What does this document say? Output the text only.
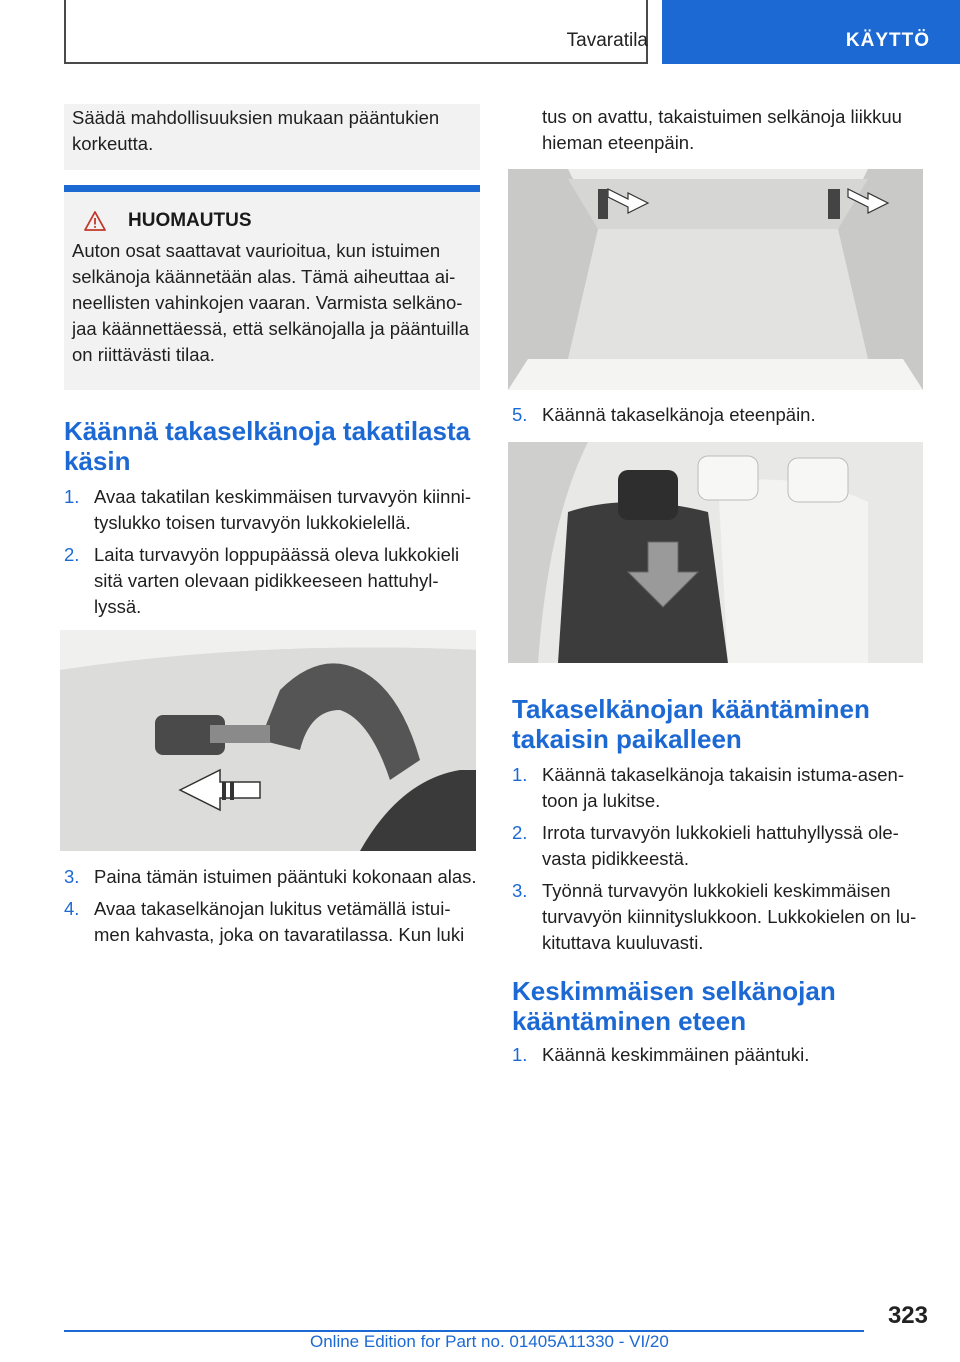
Tavaratila	KÄYTTÖ
Säädä mahdollisuuksien mukaan pääntukien korkeutta.
HUOMAUTUS
Auton osat saattavat vaurioitua, kun istuimen selkänoja käännetään alas. Tämä aiheuttaa aineellisten vahinkojen vaaran. Varmista selkänojaa käännettäessä, että selkänojalla ja pääntuilla on riittävästi tilaa.
Käännä takaselkänoja takatilasta käsin
1. Avaa takatilan keskimmäisen turvavyön kiinnityslukko toisen turvavyön lukkokielellä.
2. Laita turvavyön loppupäässä oleva lukkokieli sitä varten olevaan pidikkeeseen hattuhyllyssä.
3. Paina tämän istuimen pääntuki kokonaan alas.
4. Avaa takaselkänojan lukitus vetämällä istuimen kahvasta, joka on tavaratilassa. Kun luki
tus on avattu, takaistuimen selkänoja liikkuu hieman eteenpäin.
5. Käännä takaselkänoja eteenpäin.
Takaselkänojan kääntäminen takaisin paikalleen
1. Käännä takaselkänoja takaisin istuma-asentoon ja lukitse.
2. Irrota turvavyön lukkokieli hattuhyllyssä olevasta pidikkeestä.
3. Työnnä turvavyön lukkokieli keskimmäisen turvavyön kiinnityslukkoon. Lukkokielen on lukituttava kuuluvasti.
Keskimmäisen selkänojan kääntäminen eteen
1. Käännä keskimmäinen pääntuki.
323
Online Edition for Part no. 01405A11330 - VI/20
